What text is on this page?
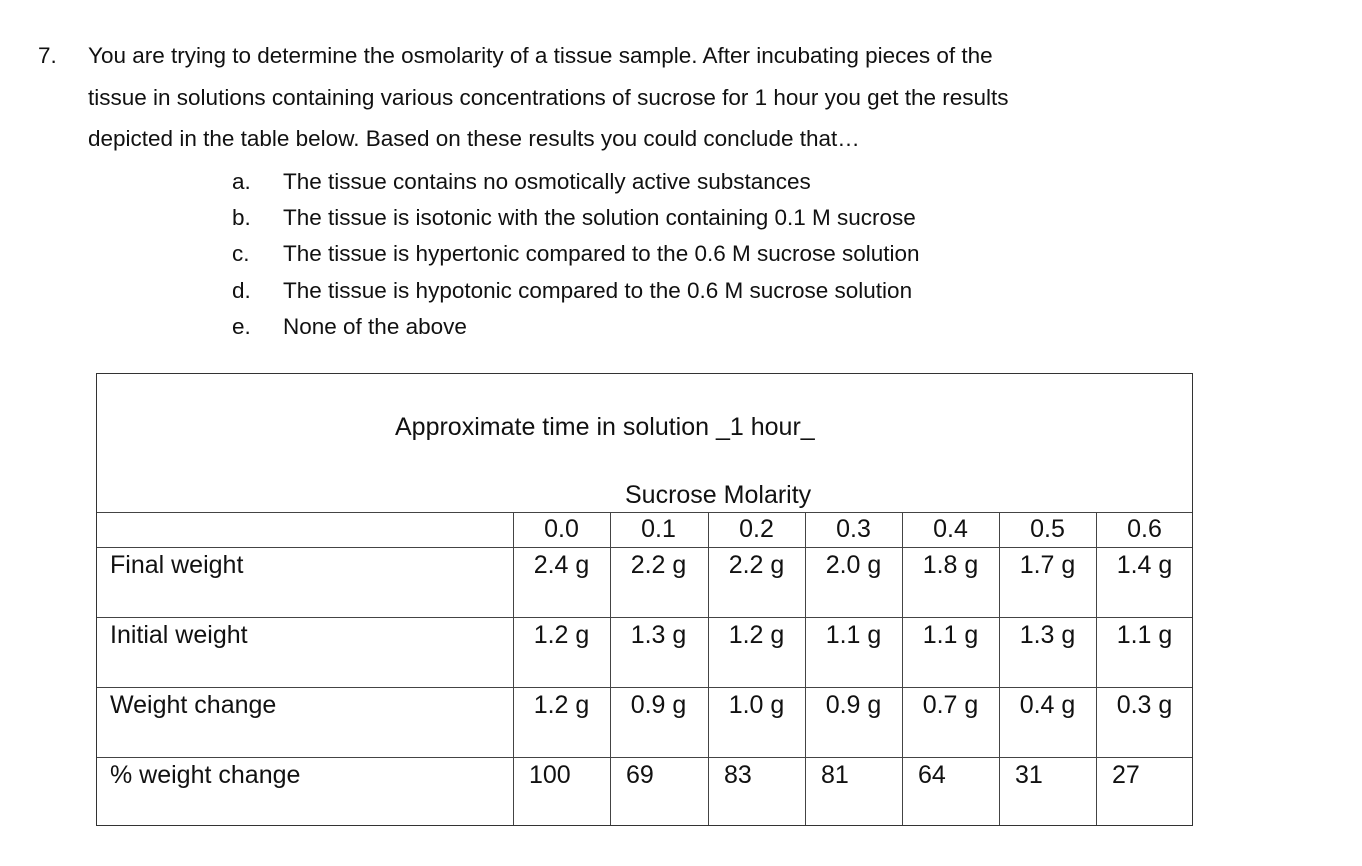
7. You are trying to determine the osmolarity of a tissue sample. After incubating pieces of the
tissue in solutions containing various concentrations of sucrose for 1 hour you get the results
depicted in the table below. Based on these results you could conclude that…
a. The tissue contains no osmotically active substances
b. The tissue is isotonic with the solution containing 0.1 M sucrose
c. The tissue is hypertonic compared to the 0.6 M sucrose solution
d. The tissue is hypotonic compared to the 0.6 M sucrose solution
e. None of the above
Approximate time in solution _1 hour_
Sucrose Molarity
0.0	0.1	0.2	0.3	0.4	0.5	0.6
Final weight	2.4 g	2.2 g	2.2 g	2.0 g	1.8 g	1.7 g	1.4 g
Initial weight	1.2 g	1.3 g	1.2 g	1.1 g	1.1 g	1.3 g	1.1 g
Weight change	1.2 g	0.9 g	1.0 g	0.9 g	0.7 g	0.4 g	0.3 g
% weight change	100	69	83	81	64	31	27
